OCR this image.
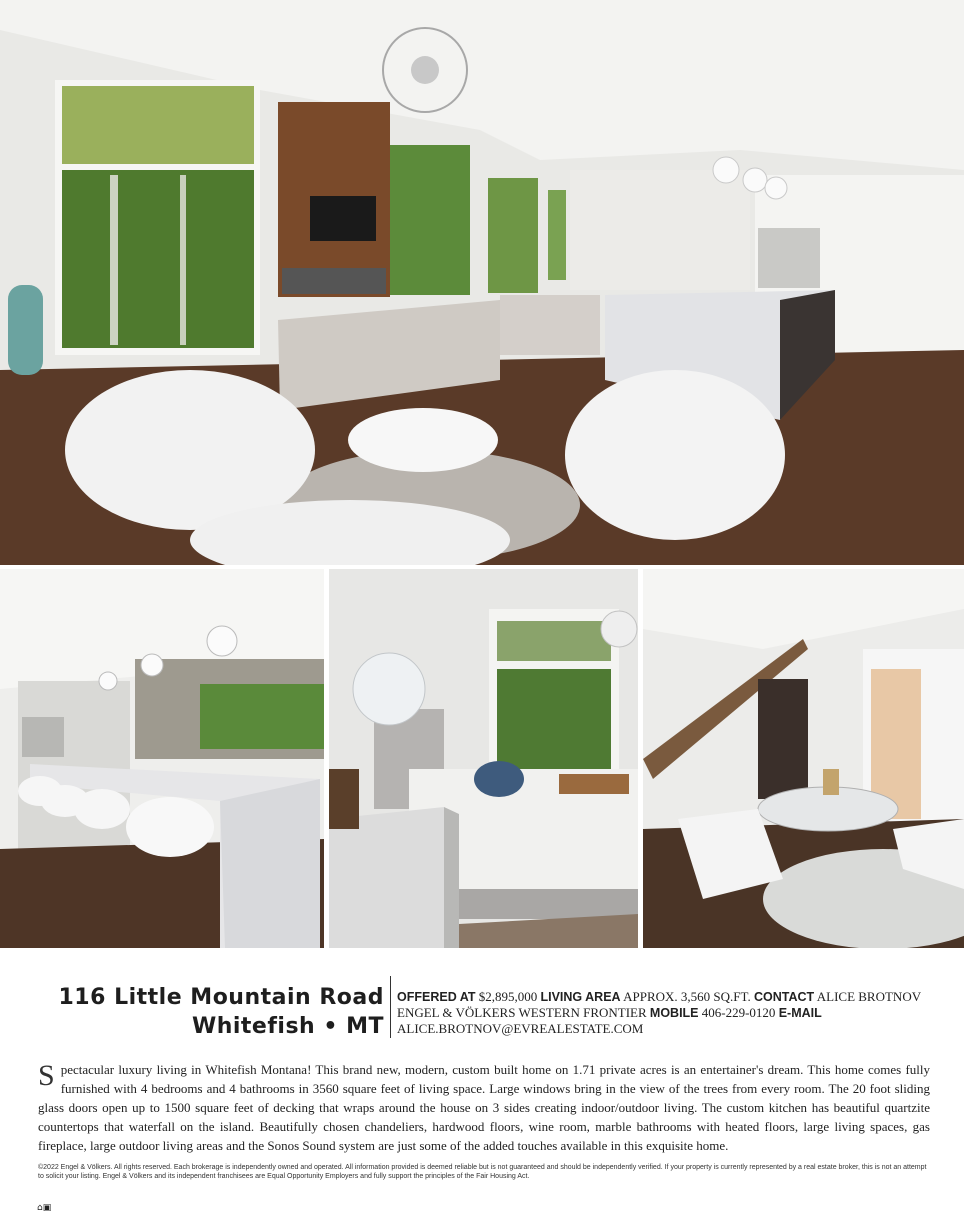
116 Little Mountain Road
Whitefish • MT
OFFERED AT $2,895,000 LIVING AREA APPROX. 3,560 SQ.FT. CONTACT ALICE BROTNOV ENGEL & VÖLKERS WESTERN FRONTIER MOBILE 406-229-0120 E-MAIL ALICE.BROTNOV@EVREALESTATE.COM
Spectacular luxury living in Whitefish Montana! This brand new, modern, custom built home on 1.71 private acres is an entertainer's dream. This home comes fully furnished with 4 bedrooms and 4 bathrooms in 3560 square feet of living space. Large windows bring in the view of the trees from every room. The 20 foot sliding glass doors open up to 1500 square feet of decking that wraps around the house on 3 sides creating indoor/outdoor living. The custom kitchen has beautiful quartzite countertops that waterfall on the island. Beautifully chosen chandeliers, hardwood floors, wine room, marble bathrooms with heated floors, large living spaces, gas fireplace, large outdoor living areas and the Sonos Sound system are just some of the added touches available in this exquisite home.
©2022 Engel & Völkers. All rights reserved. Each brokerage is independently owned and operated. All information provided is deemed reliable but is not guaranteed and should be independently verified. If your property is currently represented by a real estate broker, this is not an attempt to solicit your listing. Engel & Völkers and its independent franchisees are Equal Opportunity Employers and fully support the principles of the Fair Housing Act.
⌂▣
